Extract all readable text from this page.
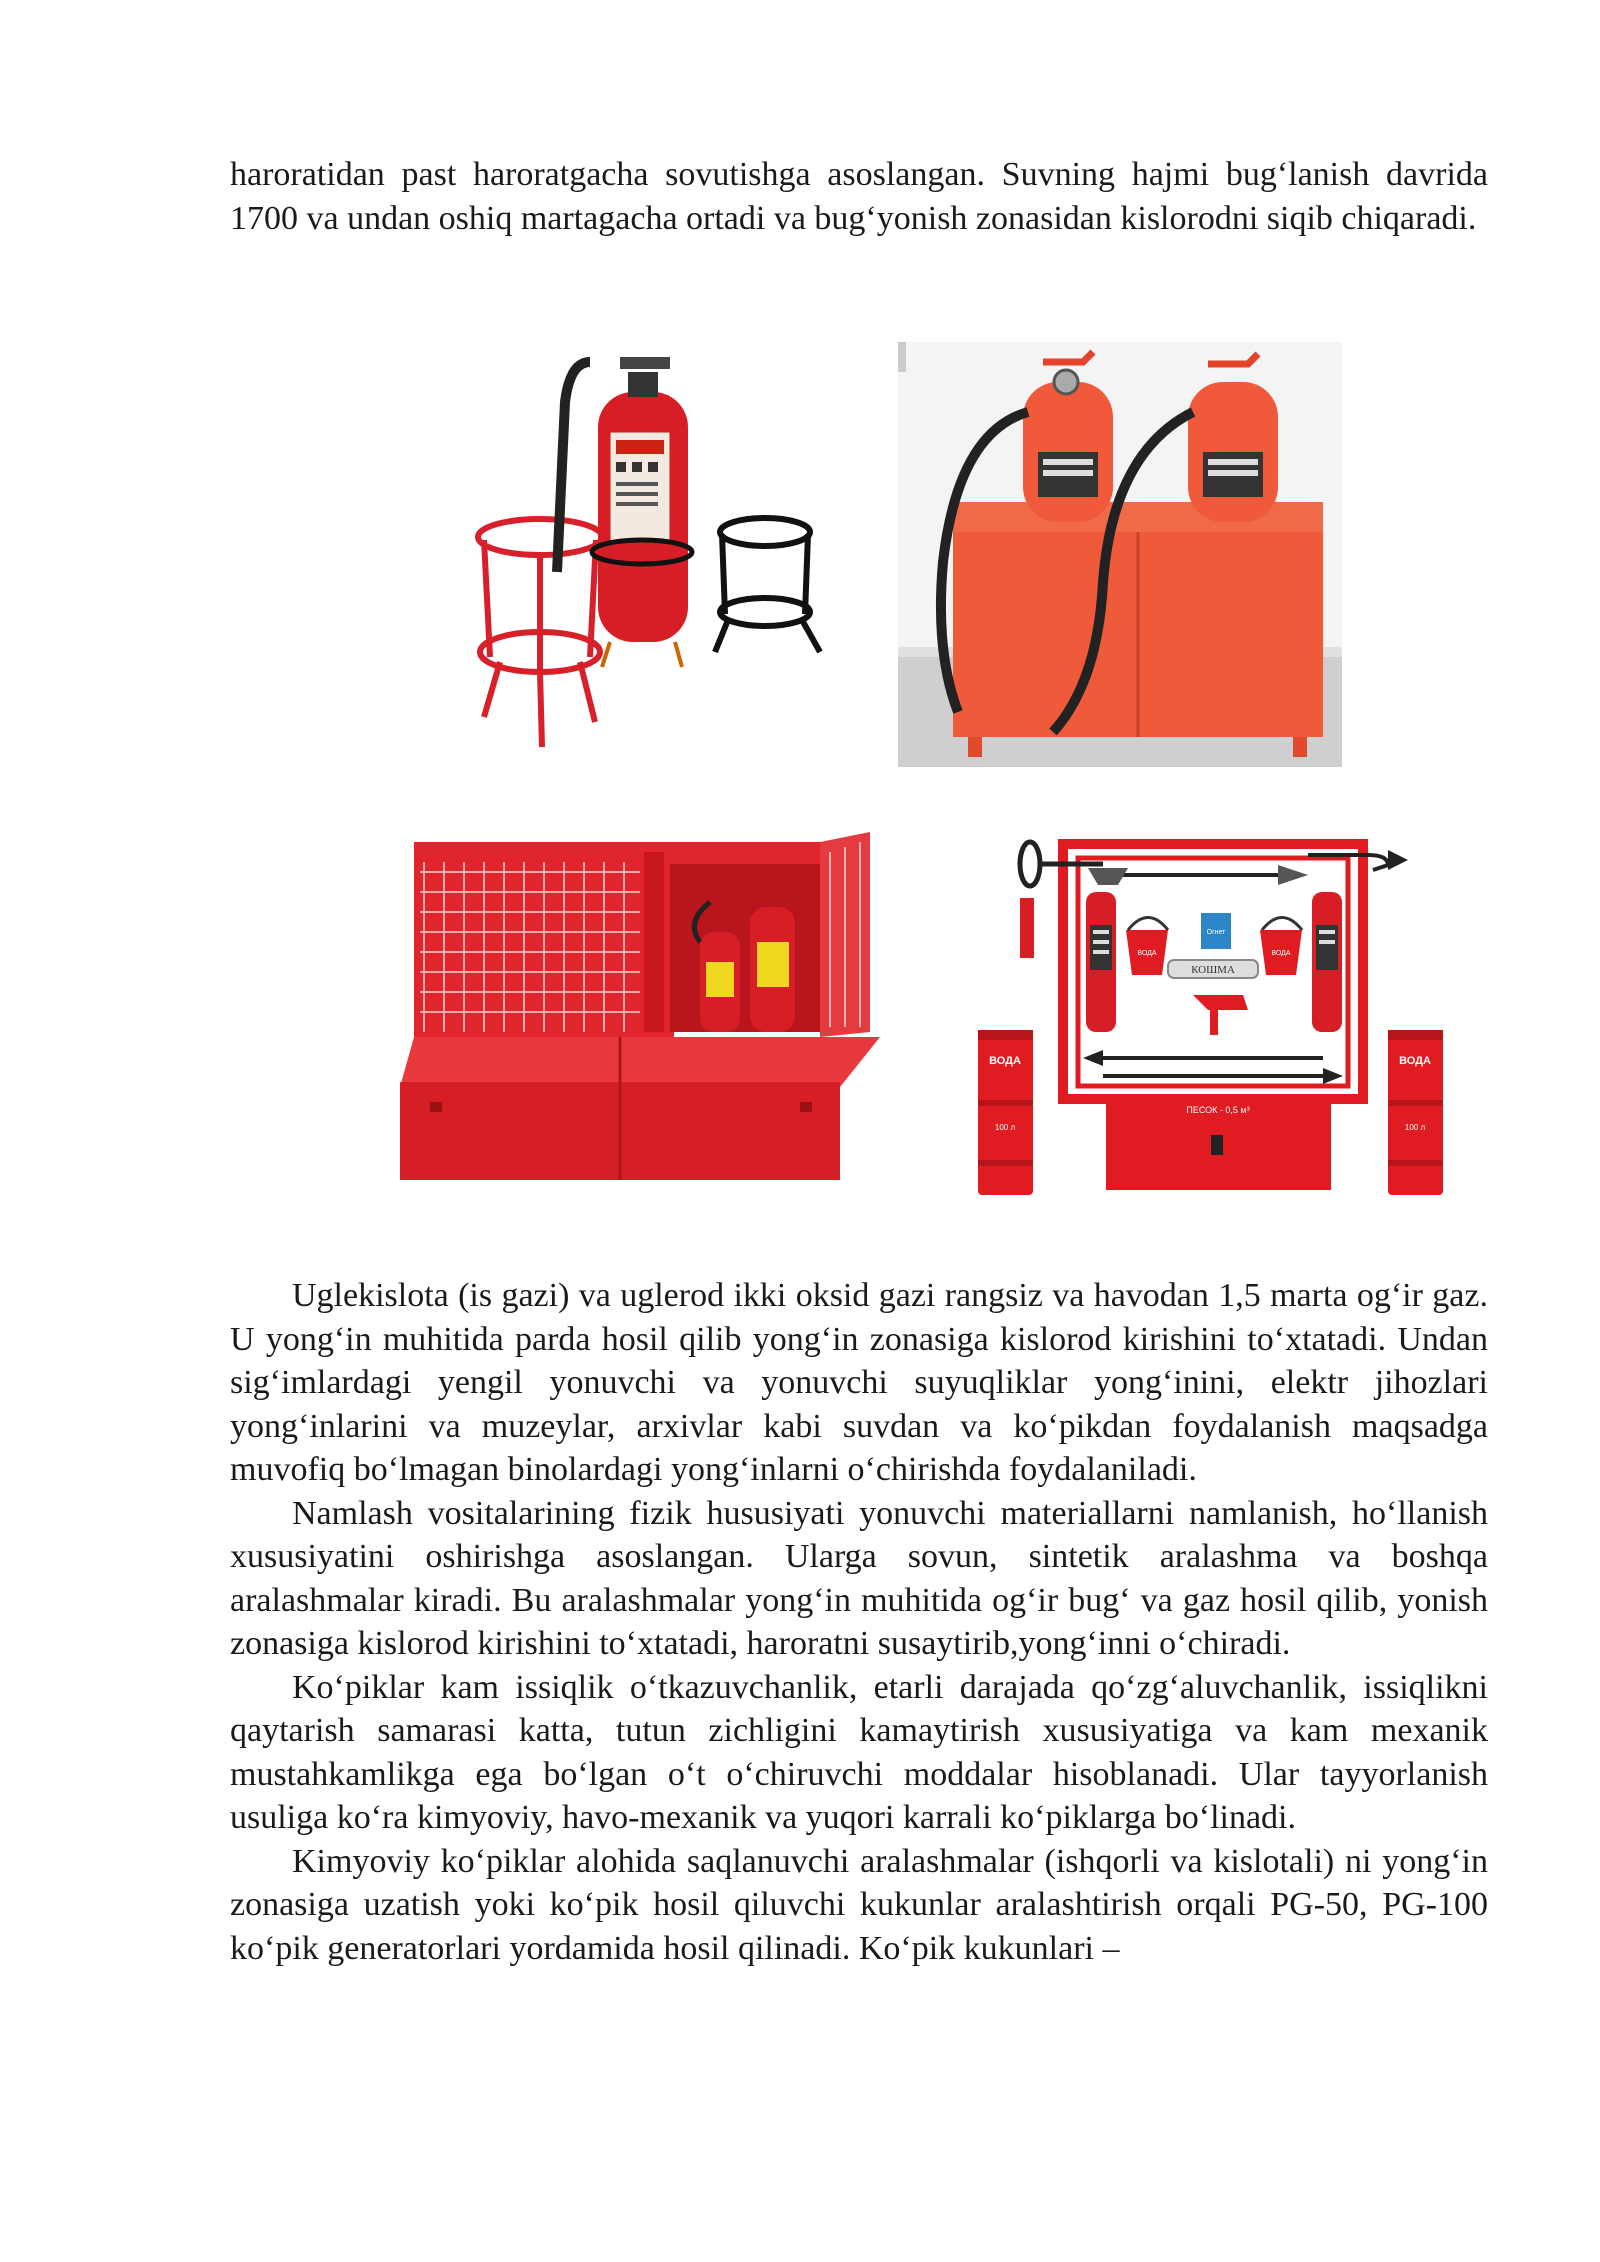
haroratidan past haroratgacha sovutishga asoslangan. Suvning hajmi bug‘lanish davrida 1700 va undan oshiq martagacha ortadi va bug‘yonish zonasidan kislorodni siqib chiqaradi.

Огнет
ВОДА	ВОДА
КОШМА
ПЕСОК - 0,5 м³
ВОДА
100 л
ВОДА
100 л

Uglekislota (is gazi) va uglerod ikki oksid gazi rangsiz va havodan 1,5 marta og‘ir gaz. U yong‘in muhitida parda hosil qilib yong‘in zonasiga kislorod kirishini to‘xtatadi. Undan sig‘imlardagi yengil yonuvchi va yonuvchi suyuqliklar yong‘inini, elektr jihozlari yong‘inlarini va muzeylar, arxivlar kabi suvdan va ko‘pikdan foydalanish maqsadga muvofiq bo‘lmagan binolardagi yong‘inlarni o‘chirishda foydalaniladi.

Namlash vositalarining fizik hususiyati yonuvchi materiallarni namlanish, ho‘llanish xususiyatini oshirishga asoslangan. Ularga sovun, sintetik aralashma va boshqa aralashmalar kiradi. Bu aralashmalar yong‘in muhitida og‘ir bug‘ va gaz hosil qilib, yonish zonasiga kislorod kirishini to‘xtatadi, haroratni susaytirib,yong‘inni o‘chiradi.

Ko‘piklar kam issiqlik o‘tkazuvchanlik, etarli darajada qo‘zg‘aluvchanlik, issiqlikni qaytarish samarasi katta, tutun zichligini kamaytirish xususiyatiga va kam mexanik mustahkamlikga ega bo‘lgan o‘t o‘chiruvchi moddalar hisoblanadi. Ular tayyorlanish usuliga ko‘ra kimyoviy, havo-mexanik va yuqori karrali ko‘piklarga bo‘linadi.

Kimyoviy ko‘piklar alohida saqlanuvchi aralashmalar (ishqorli va kislotali) ni yong‘in zonasiga uzatish yoki ko‘pik hosil qiluvchi kukunlar aralashtirish orqali PG-50, PG-100 ko‘pik generatorlari yordamida hosil qilinadi. Ko‘pik kukunlari –
